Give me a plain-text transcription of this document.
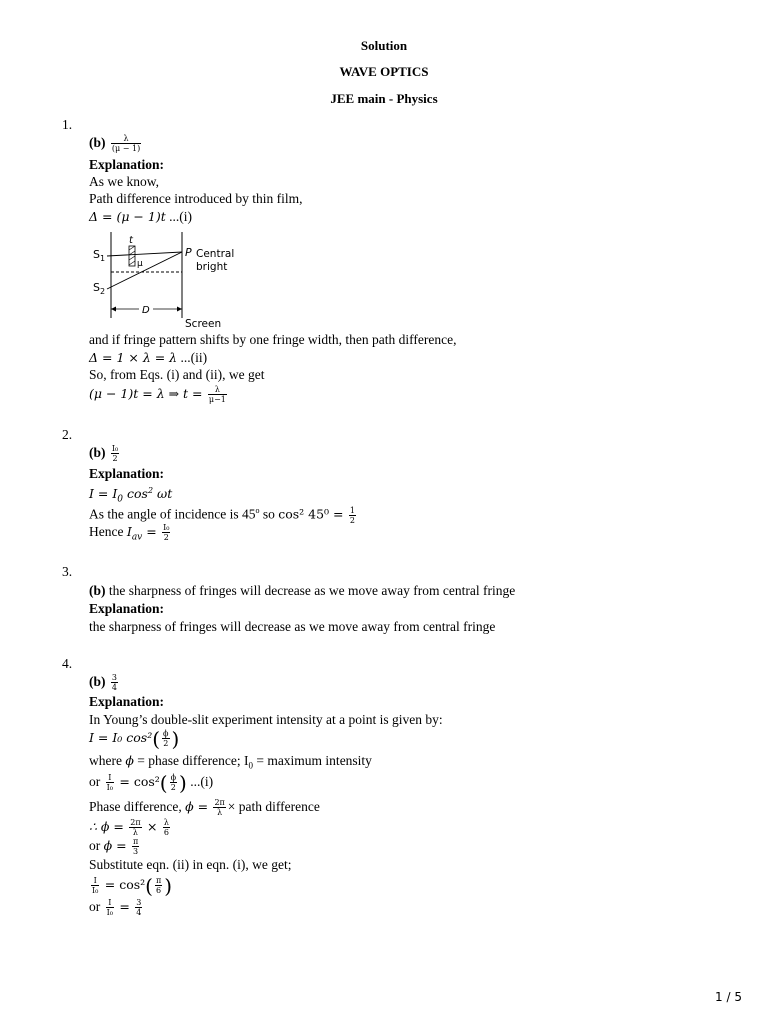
Solution
WAVE OPTICS
JEE main - Physics
1.
$(b) \frac{\lambda}{(\mu - 1)}$
Explanation:
As we know,
Path difference introduced by thin film,
Δ = (μ − 1)t ...(i)
t
μ
$S_1$
$S_2$
P Central
bright
D
Screen
and if fringe pattern shifts by one fringe width, then path difference,
Δ = 1 × λ = λ ...(ii)
So, from Eqs. (i) and (ii), we get
(μ − 1)t = λ ⇒ $t = \frac{\lambda}{\mu-1}$
2.
$(b) \frac{\text{I₀}}{2}$
Explanation:
$I = I_0$ $\cos^2 \omega t$
As the angle of incidence is 45$^o$ so cos² $45^0 = \frac{1}{2}$
Hence $I_{av} = \frac{\text{I₀}}{2}$
3.
(b) the sharpness of fringes will decrease as we move away from central fringe
Explanation:
the sharpness of fringes will decrease as we move away from central fringe
4.
$(b) \frac{3}{4}$
Explanation:
In Young’s double-slit experiment intensity at a point is given by:
I = I₀ $\cos^2( \frac{\phi}{2}$ )
where ϕ = phase difference; $I_0$ = maximum intensity
or $\frac{I}{\text{I₀}} = \cos^2( \frac{\phi}{2}$ ) ...(i)
Phase difference, $\phi = \frac{2\pi}{\lambda}$ × path difference
∴ $\phi = \frac{2\pi}{\lambda} \times \frac{\lambda}{6}$
or $\phi = \frac{\pi}{3}$
Substitute eqn. (ii) in eqn. (i), we get;
$\frac{I}{\text{I₀}} = \cos^2( \frac{\pi}{6}$ )
or $\frac{I}{\text{I₀}} = \frac{3}{4}$
1 / 5
